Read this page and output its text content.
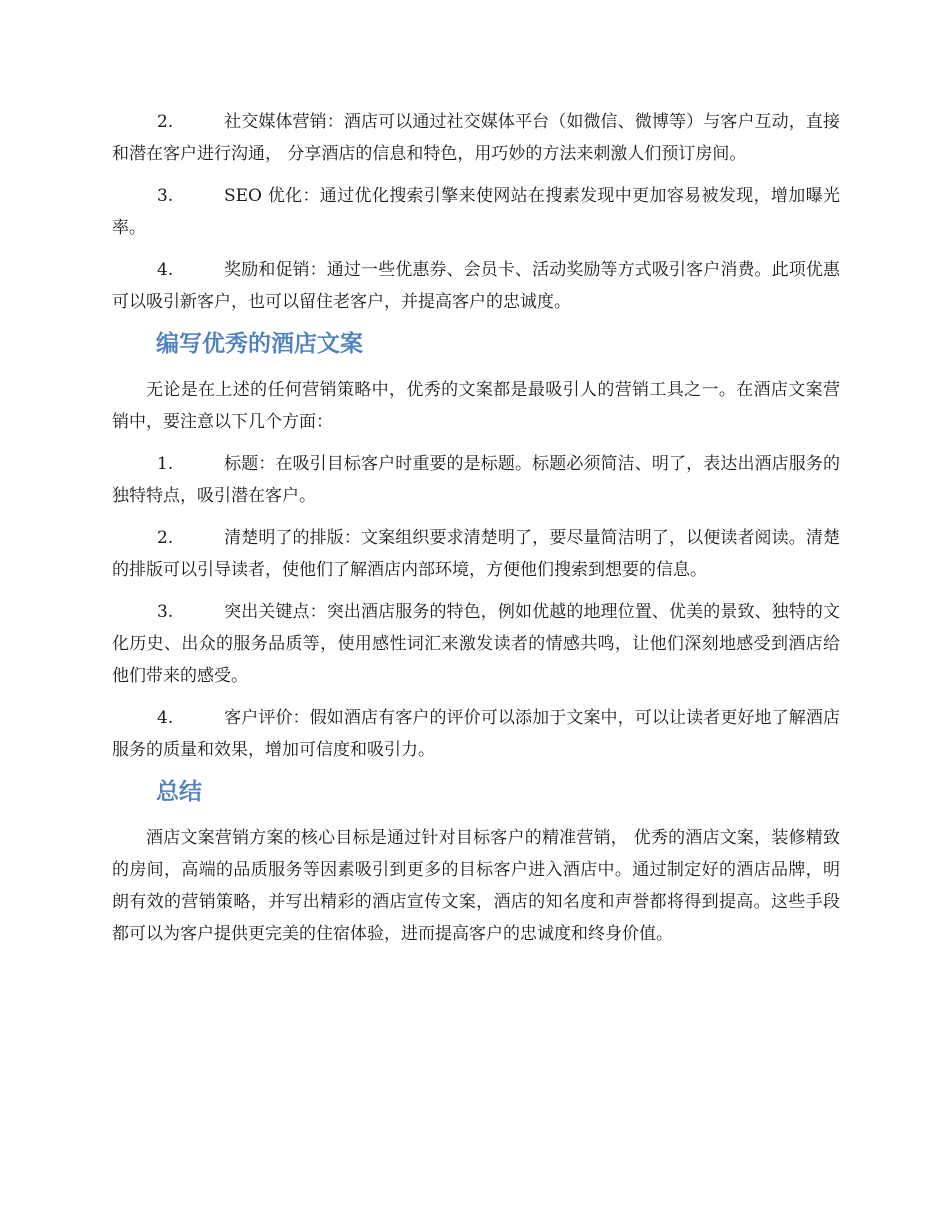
2.	社交媒体营销：酒店可以通过社交媒体平台（如微信、微博等）与客户互动，直接和潜在客户进行沟通， 分享酒店的信息和特色，用巧妙的方法来刺激人们预订房间。

3.	SEO 优化：通过优化搜索引擎来使网站在搜素发现中更加容易被发现，增加曝光率。

4.	奖励和促销：通过一些优惠券、会员卡、活动奖励等方式吸引客户消费。此项优惠可以吸引新客户，也可以留住老客户，并提高客户的忠诚度。

编写优秀的酒店文案

无论是在上述的任何营销策略中，优秀的文案都是最吸引人的营销工具之一。在酒店文案营销中，要注意以下几个方面：

1.	标题：在吸引目标客户时重要的是标题。标题必须简洁、明了，表达出酒店服务的独特特点，吸引潜在客户。

2.	清楚明了的排版：文案组织要求清楚明了，要尽量简洁明了，以便读者阅读。清楚的排版可以引导读者，使他们了解酒店内部环境，方便他们搜索到想要的信息。

3.	突出关键点：突出酒店服务的特色，例如优越的地理位置、优美的景致、独特的文化历史、出众的服务品质等，使用感性词汇来激发读者的情感共鸣，让他们深刻地感受到酒店给他们带来的感受。

4.	客户评价：假如酒店有客户的评价可以添加于文案中，可以让读者更好地了解酒店服务的质量和效果，增加可信度和吸引力。

总结

酒店文案营销方案的核心目标是通过针对目标客户的精准营销， 优秀的酒店文案，装修精致的房间，高端的品质服务等因素吸引到更多的目标客户进入酒店中。通过制定好的酒店品牌，明朗有效的营销策略，并写出精彩的酒店宣传文案，酒店的知名度和声誉都将得到提高。这些手段都可以为客户提供更完美的住宿体验，进而提高客户的忠诚度和终身价值。
